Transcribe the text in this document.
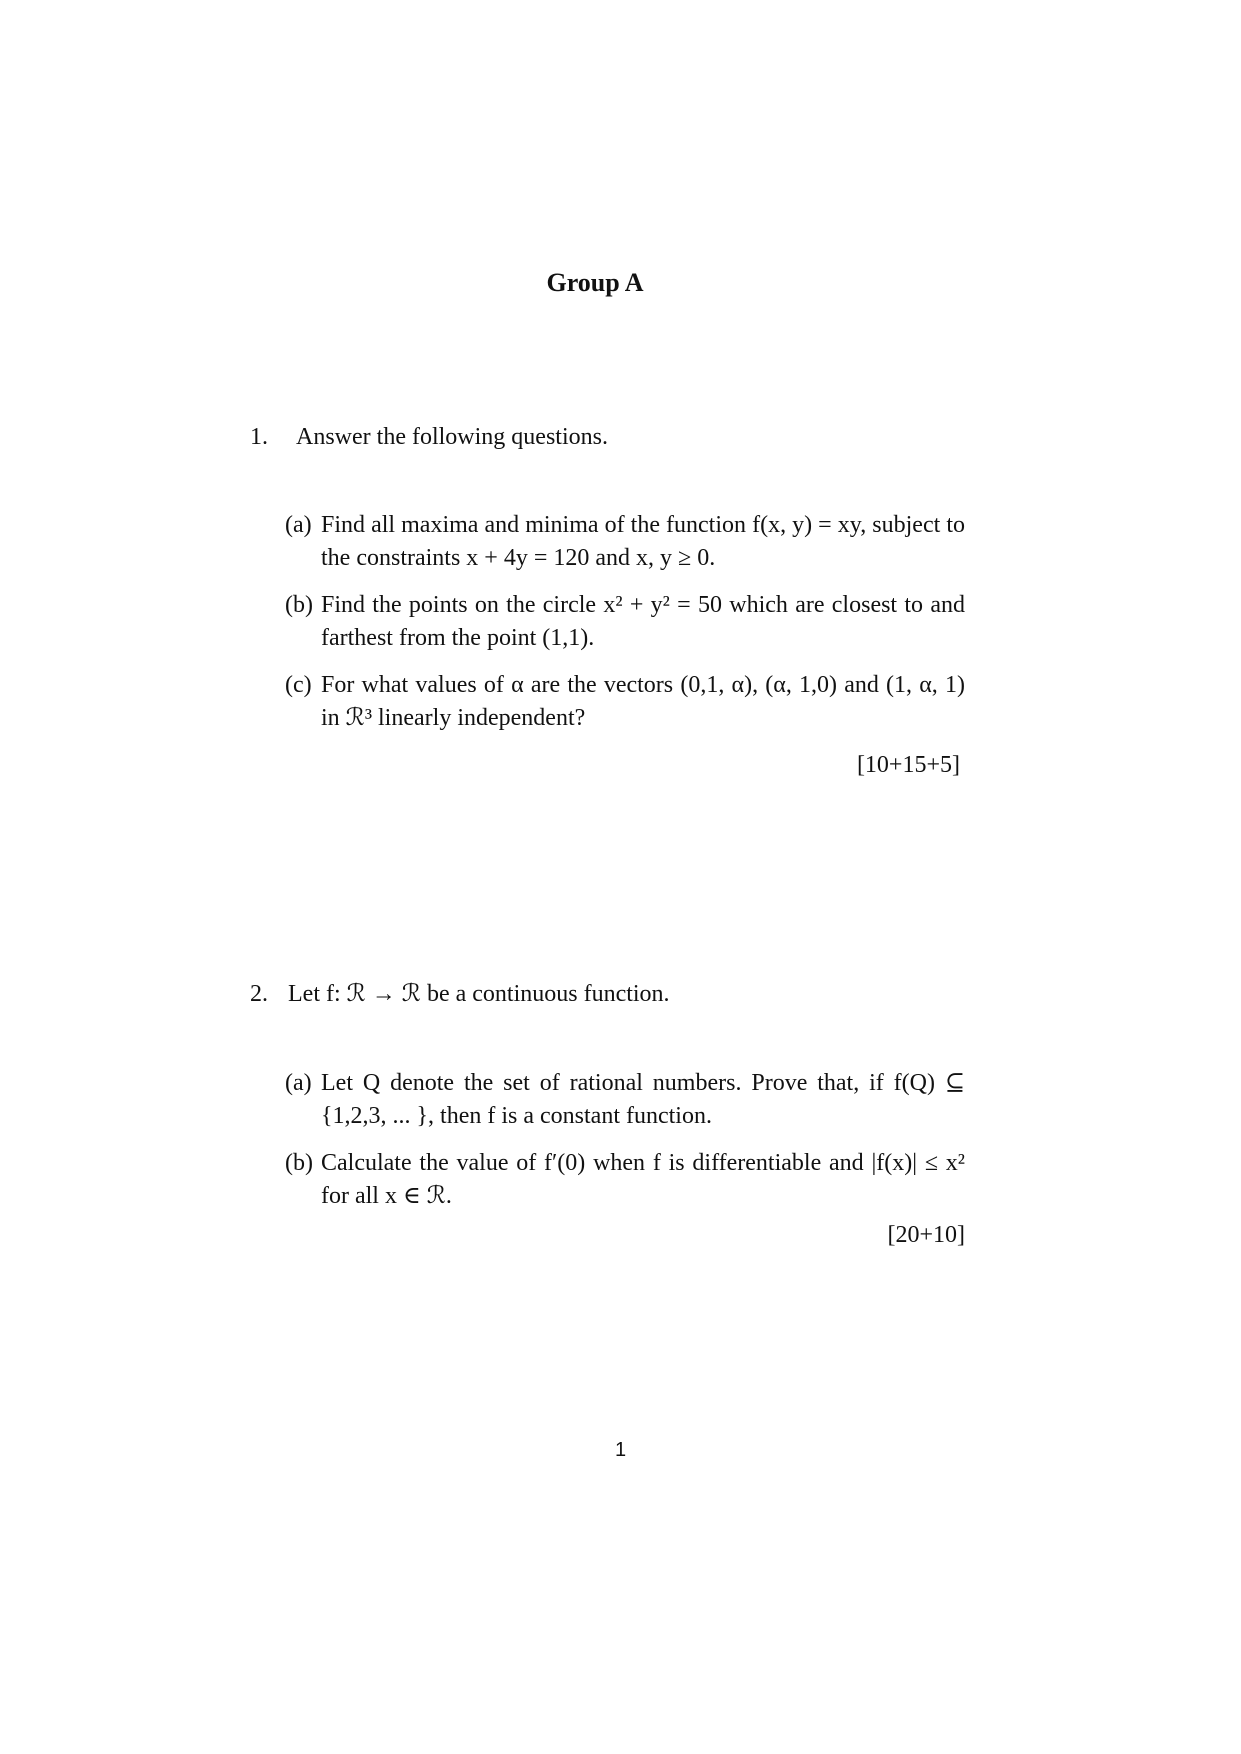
Group A
1. Answer the following questions.
(a) Find all maxima and minima of the function f(x, y) = xy, subject to the constraints x + 4y = 120 and x, y ≥ 0.
(b) Find the points on the circle x² + y² = 50 which are closest to and farthest from the point (1,1).
(c) For what values of α are the vectors (0,1, α), (α, 1,0) and (1, α, 1) in ℛ³ linearly independent?
[10+15+5]
2. Let f: ℛ → ℛ be a continuous function.
(a) Let Q denote the set of rational numbers. Prove that, if f(Q) ⊆ {1,2,3, ... }, then f is a constant function.
(b) Calculate the value of f′(0) when f is differentiable and |f(x)| ≤ x² for all x ∈ ℛ.
[20+10]
1
